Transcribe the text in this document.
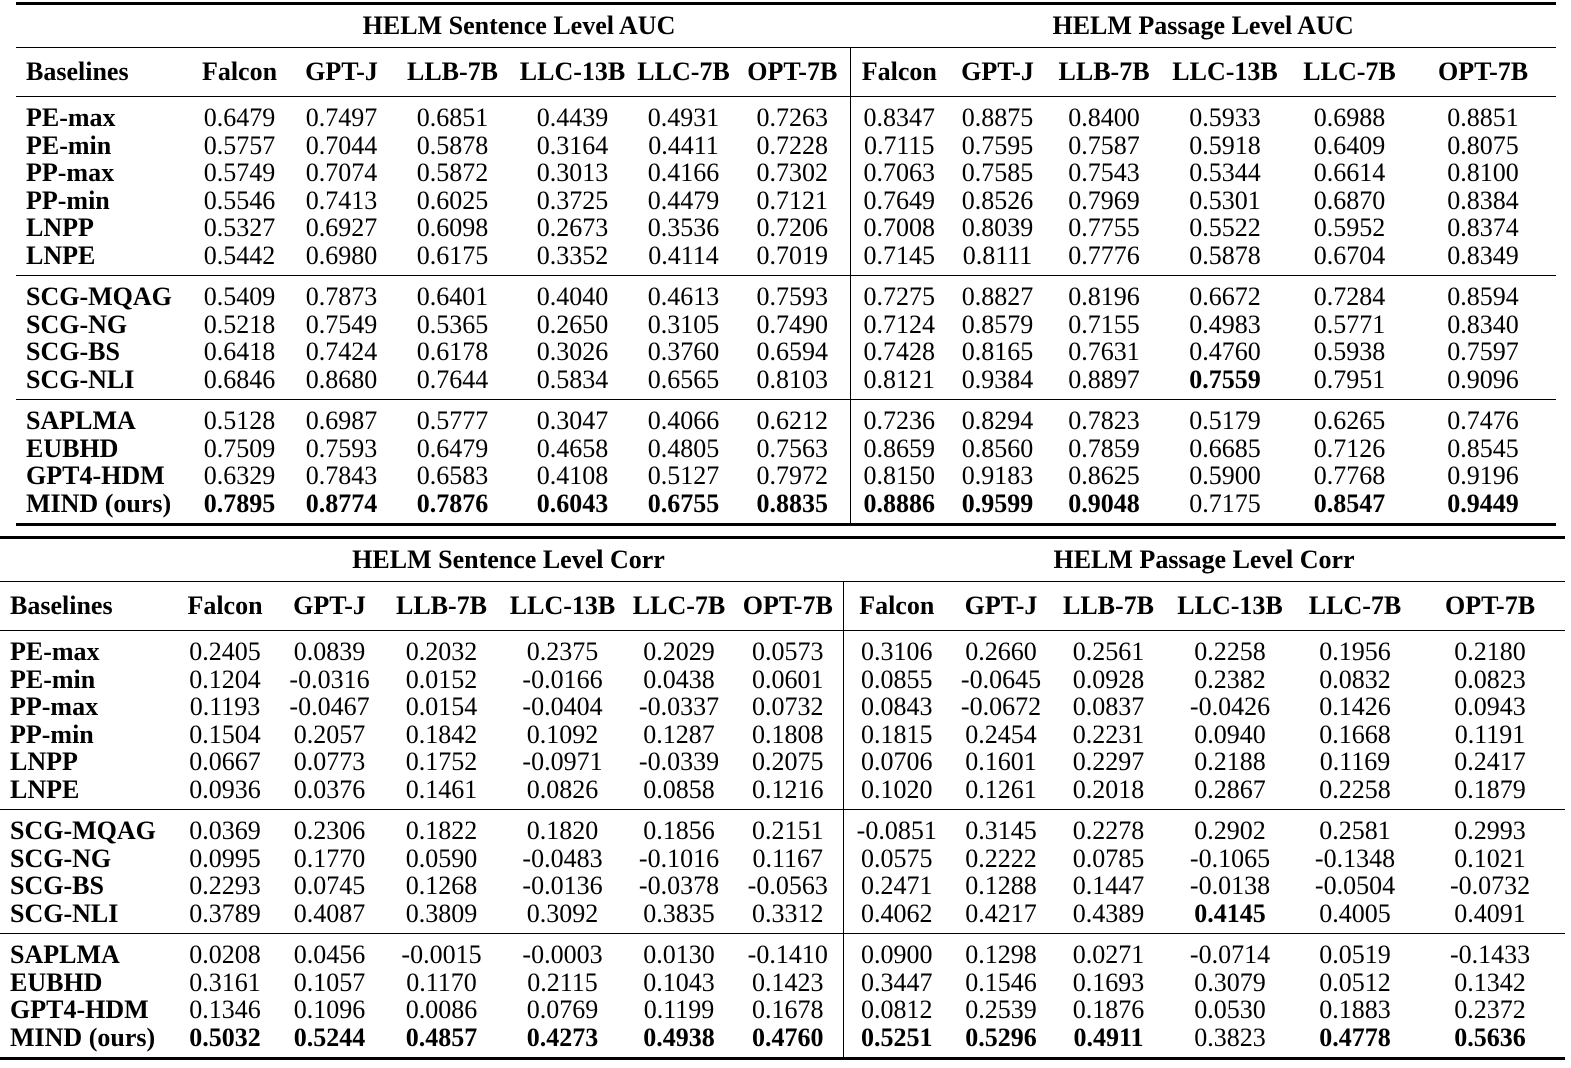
	HELM Sentence Level AUC						HELM Passage Level AUC					
Baselines	Falcon	GPT-J	LLB-7B	LLC-13B	LLC-7B	OPT-7B	Falcon	GPT-J	LLB-7B	LLC-13B	LLC-7B	OPT-7B
PE-max	0.6479	0.7497	0.6851	0.4439	0.4931	0.7263	0.8347	0.8875	0.8400	0.5933	0.6988	0.8851
PE-min	0.5757	0.7044	0.5878	0.3164	0.4411	0.7228	0.7115	0.7595	0.7587	0.5918	0.6409	0.8075
PP-max	0.5749	0.7074	0.5872	0.3013	0.4166	0.7302	0.7063	0.7585	0.7543	0.5344	0.6614	0.8100
PP-min	0.5546	0.7413	0.6025	0.3725	0.4479	0.7121	0.7649	0.8526	0.7969	0.5301	0.6870	0.8384
LNPP	0.5327	0.6927	0.6098	0.2673	0.3536	0.7206	0.7008	0.8039	0.7755	0.5522	0.5952	0.8374
LNPE	0.5442	0.6980	0.6175	0.3352	0.4114	0.7019	0.7145	0.8111	0.7776	0.5878	0.6704	0.8349
SCG-MQAG	0.5409	0.7873	0.6401	0.4040	0.4613	0.7593	0.7275	0.8827	0.8196	0.6672	0.7284	0.8594
SCG-NG	0.5218	0.7549	0.5365	0.2650	0.3105	0.7490	0.7124	0.8579	0.7155	0.4983	0.5771	0.8340
SCG-BS	0.6418	0.7424	0.6178	0.3026	0.3760	0.6594	0.7428	0.8165	0.7631	0.4760	0.5938	0.7597
SCG-NLI	0.6846	0.8680	0.7644	0.5834	0.6565	0.8103	0.8121	0.9384	0.8897	0.7559	0.7951	0.9096
SAPLMA	0.5128	0.6987	0.5777	0.3047	0.4066	0.6212	0.7236	0.8294	0.7823	0.5179	0.6265	0.7476
EUBHD	0.7509	0.7593	0.6479	0.4658	0.4805	0.7563	0.8659	0.8560	0.7859	0.6685	0.7126	0.8545
GPT4-HDM	0.6329	0.7843	0.6583	0.4108	0.5127	0.7972	0.8150	0.9183	0.8625	0.5900	0.7768	0.9196
MIND (ours)	0.7895	0.8774	0.7876	0.6043	0.6755	0.8835	0.8886	0.9599	0.9048	0.7175	0.8547	0.9449
	HELM Sentence Level Corr						HELM Passage Level Corr					
Baselines	Falcon	GPT-J	LLB-7B	LLC-13B	LLC-7B	OPT-7B	Falcon	GPT-J	LLB-7B	LLC-13B	LLC-7B	OPT-7B
PE-max	0.2405	0.0839	0.2032	0.2375	0.2029	0.0573	0.3106	0.2660	0.2561	0.2258	0.1956	0.2180
PE-min	0.1204	-0.0316	0.0152	-0.0166	0.0438	0.0601	0.0855	-0.0645	0.0928	0.2382	0.0832	0.0823
PP-max	0.1193	-0.0467	0.0154	-0.0404	-0.0337	0.0732	0.0843	-0.0672	0.0837	-0.0426	0.1426	0.0943
PP-min	0.1504	0.2057	0.1842	0.1092	0.1287	0.1808	0.1815	0.2454	0.2231	0.0940	0.1668	0.1191
LNPP	0.0667	0.0773	0.1752	-0.0971	-0.0339	0.2075	0.0706	0.1601	0.2297	0.2188	0.1169	0.2417
LNPE	0.0936	0.0376	0.1461	0.0826	0.0858	0.1216	0.1020	0.1261	0.2018	0.2867	0.2258	0.1879
SCG-MQAG	0.0369	0.2306	0.1822	0.1820	0.1856	0.2151	-0.0851	0.3145	0.2278	0.2902	0.2581	0.2993
SCG-NG	0.0995	0.1770	0.0590	-0.0483	-0.1016	0.1167	0.0575	0.2222	0.0785	-0.1065	-0.1348	0.1021
SCG-BS	0.2293	0.0745	0.1268	-0.0136	-0.0378	-0.0563	0.2471	0.1288	0.1447	-0.0138	-0.0504	-0.0732
SCG-NLI	0.3789	0.4087	0.3809	0.3092	0.3835	0.3312	0.4062	0.4217	0.4389	0.4145	0.4005	0.4091
SAPLMA	0.0208	0.0456	-0.0015	-0.0003	0.0130	-0.1410	0.0900	0.1298	0.0271	-0.0714	0.0519	-0.1433
EUBHD	0.3161	0.1057	0.1170	0.2115	0.1043	0.1423	0.3447	0.1546	0.1693	0.3079	0.0512	0.1342
GPT4-HDM	0.1346	0.1096	0.0086	0.0769	0.1199	0.1678	0.0812	0.2539	0.1876	0.0530	0.1883	0.2372
MIND (ours)	0.5032	0.5244	0.4857	0.4273	0.4938	0.4760	0.5251	0.5296	0.4911	0.3823	0.4778	0.5636
